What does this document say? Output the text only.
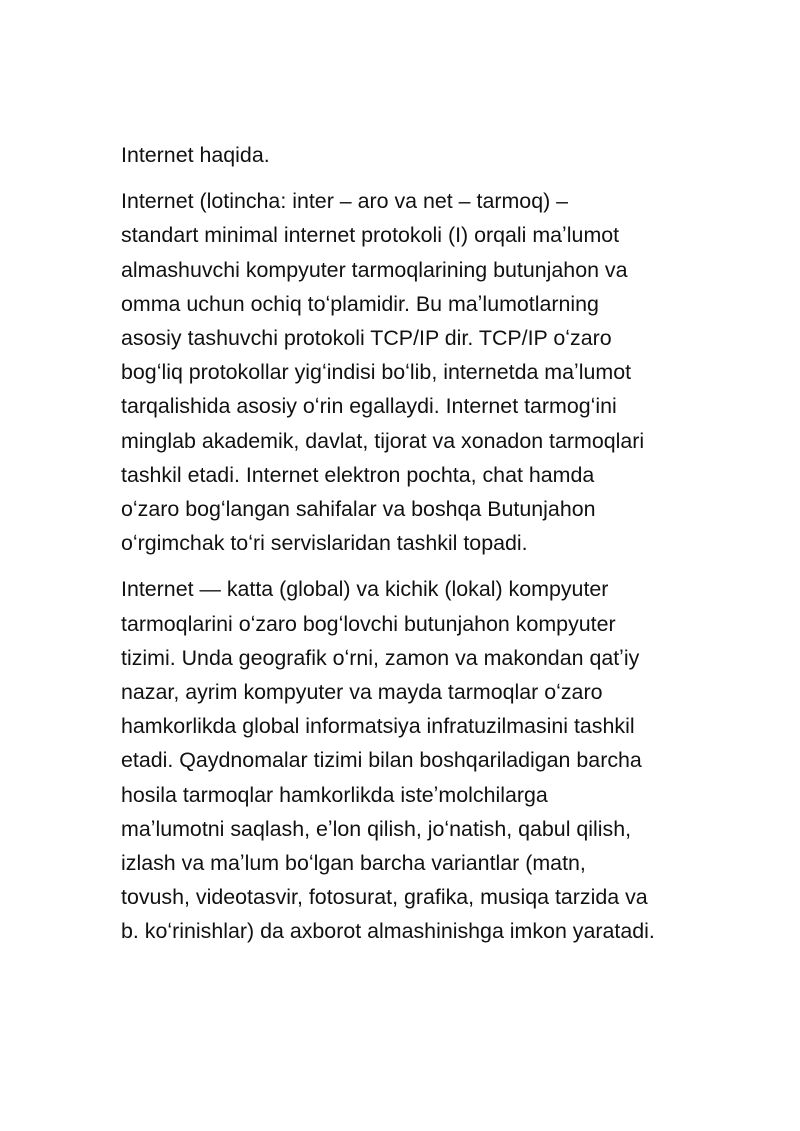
Internet haqida.

Internet (lotincha: inter – aro va net – tarmoq) –
standart minimal internet protokoli (I) orqali maʼlumot
almashuvchi kompyuter tarmoqlarining butunjahon va
omma uchun ochiq toʻplamidir. Bu maʼlumotlarning
asosiy tashuvchi protokoli TCP/IP dir. TCP/IP oʻzaro
bogʻliq protokollar yigʻindisi boʻlib, internetda maʼlumot
tarqalishida asosiy oʻrin egallaydi. Internet tarmogʻini
minglab akademik, davlat, tijorat va xonadon tarmoqlari
tashkil etadi. Internet elektron pochta, chat hamda
oʻzaro bogʻlangan sahifalar va boshqa Butunjahon
oʻrgimchak toʻri servislaridan tashkil topadi.

Internet — katta (global) va kichik (lokal) kompyuter
tarmoqlarini oʻzaro bogʻlovchi butunjahon kompyuter
tizimi. Unda geografik oʻrni, zamon va makondan qatʼiy
nazar, ayrim kompyuter va mayda tarmoqlar oʻzaro
hamkorlikda global informatsiya infratuzilmasini tashkil
etadi. Qaydnomalar tizimi bilan boshqariladigan barcha
hosila tarmoqlar hamkorlikda isteʼmolchilarga
maʼlumotni saqlash, eʼlon qilish, joʻnatish, qabul qilish,
izlash va maʼlum boʻlgan barcha variantlar (matn,
tovush, videotasvir, fotosurat, grafika, musiqa tarzida va
b. koʻrinishlar) da axborot almashinishga imkon yaratadi.
